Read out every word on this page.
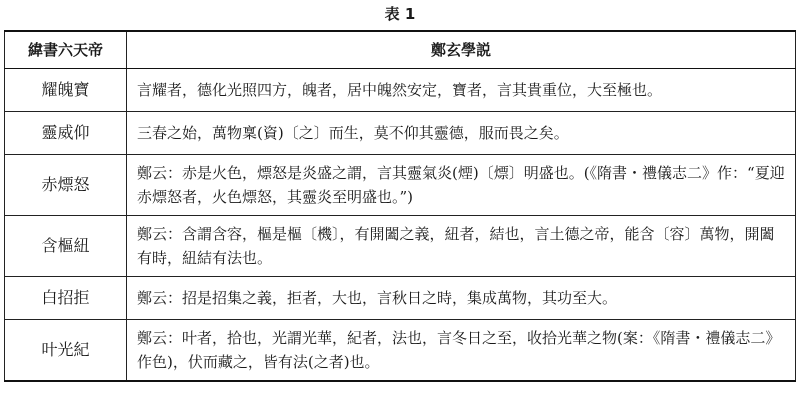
表 1
緯書六天帝	鄭玄學説
耀魄寶	言耀者，德化光照四方，魄者，居中魄然安定，寶者，言其貴重位，大至極也。
靈威仰	三春之始，萬物稟(資)〔之〕而生，莫不仰其靈德，服而畏之矣。
赤熛怒	鄭云：赤是火色，熛怒是炎盛之謂，言其靈氣炎(煙)〔熛〕明盛也。(《隋書・禮儀志二》作：“夏迎赤熛怒者，火色熛怒，其靈炎至明盛也。”)
含樞紐	鄭云：含謂含容，樞是樞〔機〕，有開闔之義，紐者，結也，言土德之帝，能含〔容〕萬物，開闔有時，紐結有法也。
白招拒	鄭云：招是招集之義，拒者，大也，言秋日之時，集成萬物，其功至大。
叶光紀	鄭云：叶者，拾也，光謂光華，紀者，法也，言冬日之至，收拾光華之物(案：《隋書・禮儀志二》作色)，伏而藏之，皆有法(之者)也。
